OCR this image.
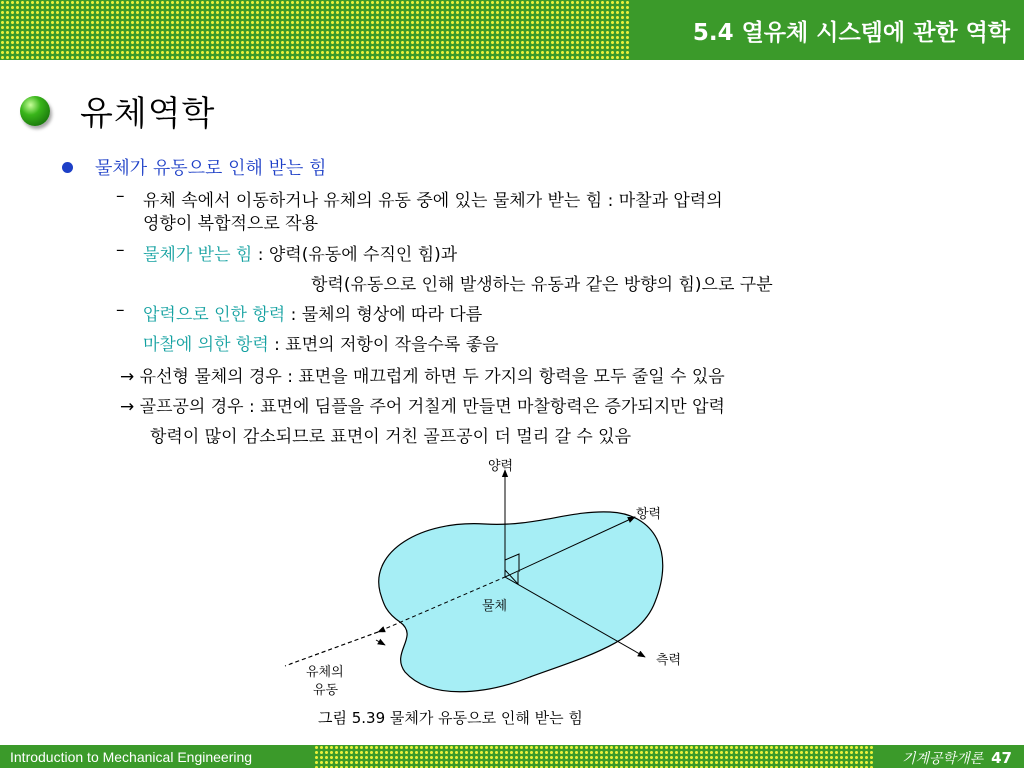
5.4 열유체 시스템에 관한 역학
유체역학
물체가 유동으로 인해 받는 힘
– 유체 속에서 이동하거나 유체의 유동 중에 있는 물체가 받는 힘 : 마찰과 압력의
영향이 복합적으로 작용
– 물체가 받는 힘 : 양력(유동에 수직인 힘)과
항력(유동으로 인해 발생하는 유동과 같은 방향의 힘)으로 구분
– 압력으로 인한 항력 : 물체의 형상에 따라 다름
마찰에 의한 항력 : 표면의 저항이 작을수록 좋음
→ 유선형 물체의 경우 : 표면을 매끄럽게 하면 두 가지의 항력을 모두 줄일 수 있음
→ 골프공의 경우 : 표면에 딤플을 주어 거칠게 만들면 마찰항력은 증가되지만 압력
항력이 많이 감소되므로 표면이 거친 골프공이 더 멀리 갈 수 있음
양력
항력
물체
측력
유체의
유동
그림 5.39 물체가 유동으로 인해 받는 힘
Introduction to Mechanical Engineering	기계공학개론 47
